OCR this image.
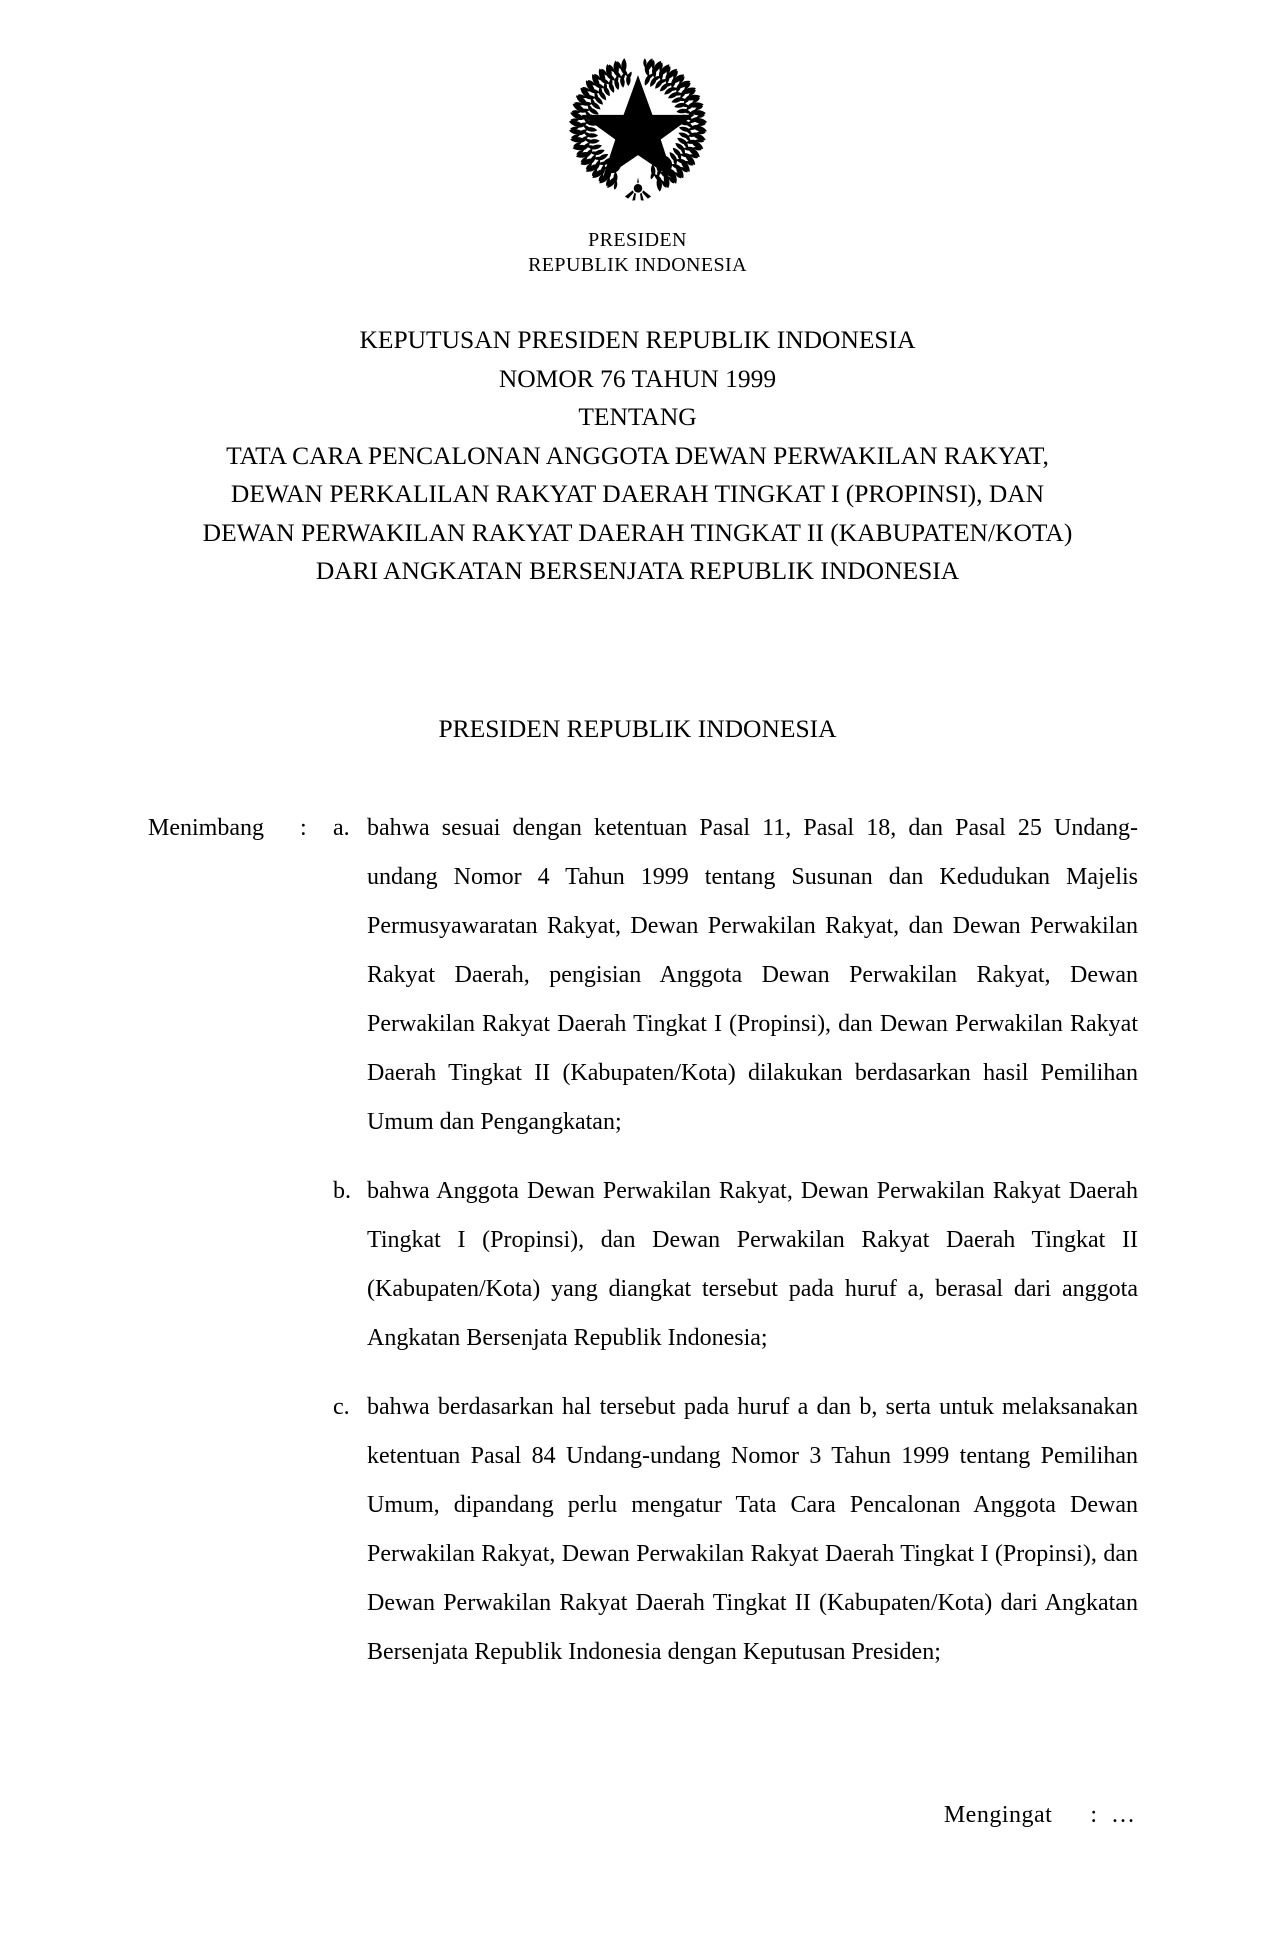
PRESIDEN
REPUBLIK INDONESIA
KEPUTUSAN PRESIDEN REPUBLIK INDONESIA
NOMOR 76 TAHUN 1999
TENTANG
TATA CARA PENCALONAN ANGGOTA DEWAN PERWAKILAN RAKYAT,
DEWAN PERKALILAN RAKYAT DAERAH TINGKAT I (PROPINSI), DAN
DEWAN PERWAKILAN RAKYAT DAERAH TINGKAT II (KABUPATEN/KOTA)
DARI ANGKATAN BERSENJATA REPUBLIK INDONESIA
PRESIDEN REPUBLIK INDONESIA
Menimbang	:	a. bahwa sesuai dengan ketentuan Pasal 11, Pasal 18, dan Pasal 25 Undang-undang Nomor 4 Tahun 1999 tentang Susunan dan Kedudukan Majelis Permusyawaratan Rakyat, Dewan Perwakilan Rakyat, dan Dewan Perwakilan Rakyat Daerah, pengisian Anggota Dewan Perwakilan Rakyat, Dewan Perwakilan Rakyat Daerah Tingkat I (Propinsi), dan Dewan Perwakilan Rakyat Daerah Tingkat II (Kabupaten/Kota) dilakukan berdasarkan hasil Pemilihan Umum dan Pengangkatan;
b. bahwa Anggota Dewan Perwakilan Rakyat, Dewan Perwakilan Rakyat Daerah Tingkat I (Propinsi), dan Dewan Perwakilan Rakyat Daerah Tingkat II (Kabupaten/Kota) yang diangkat tersebut pada huruf a, berasal dari anggota Angkatan Bersenjata Republik Indonesia;
c. bahwa berdasarkan hal tersebut pada huruf a dan b, serta untuk melaksanakan ketentuan Pasal 84 Undang-undang Nomor 3 Tahun 1999 tentang Pemilihan Umum, dipandang perlu mengatur Tata Cara Pencalonan Anggota Dewan Perwakilan Rakyat, Dewan Perwakilan Rakyat Daerah Tingkat I (Propinsi), dan Dewan Perwakilan Rakyat Daerah Tingkat II (Kabupaten/Kota) dari Angkatan Bersenjata Republik Indonesia dengan Keputusan Presiden;
Mengingat : …
